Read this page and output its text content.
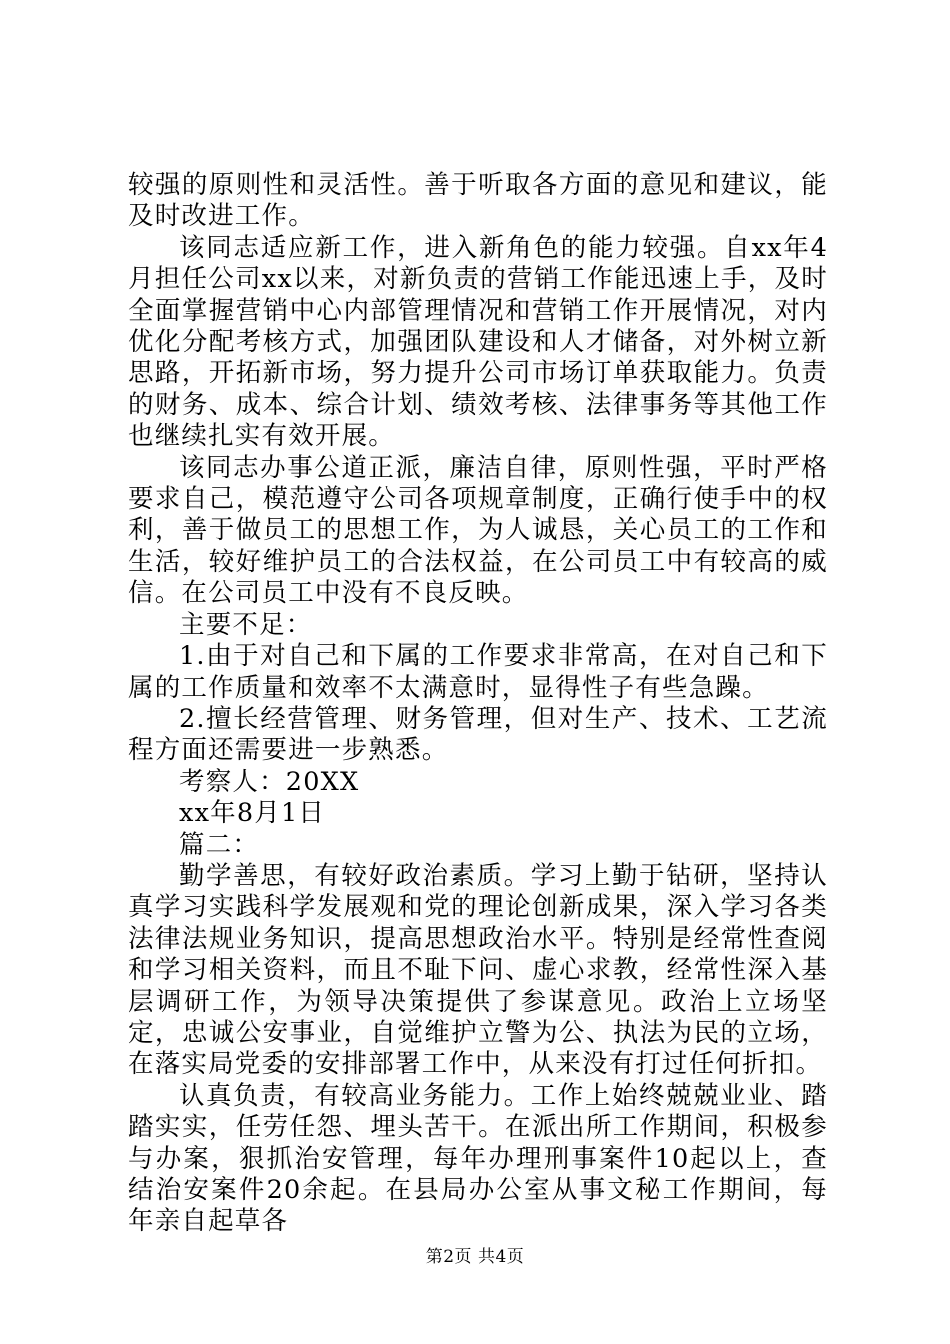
较强的原则性和灵活性。善于听取各方面的意见和建议，能及时改进工作。

该同志适应新工作，进入新角色的能力较强。自xx年4月担任公司xx以来，对新负责的营销工作能迅速上手，及时全面掌握营销中心内部管理情况和营销工作开展情况，对内优化分配考核方式，加强团队建设和人才储备，对外树立新思路，开拓新市场，努力提升公司市场订单获取能力。负责的财务、成本、综合计划、绩效考核、法律事务等其他工作也继续扎实有效开展。

该同志办事公道正派，廉洁自律，原则性强，平时严格要求自己，模范遵守公司各项规章制度，正确行使手中的权利，善于做员工的思想工作，为人诚恳，关心员工的工作和生活，较好维护员工的合法权益，在公司员工中有较高的威信。在公司员工中没有不良反映。

主要不足：

1.由于对自己和下属的工作要求非常高，在对自己和下属的工作质量和效率不太满意时，显得性子有些急躁。

2.擅长经营管理、财务管理，但对生产、技术、工艺流程方面还需要进一步熟悉。

考察人：20XX

xx年8月1日

篇二：

勤学善思，有较好政治素质。学习上勤于钻研，坚持认真学习实践科学发展观和党的理论创新成果，深入学习各类法律法规业务知识，提高思想政治水平。特别是经常性查阅和学习相关资料，而且不耻下问、虚心求教，经常性深入基层调研工作，为领导决策提供了参谋意见。政治上立场坚定，忠诚公安事业，自觉维护立警为公、执法为民的立场，在落实局党委的安排部署工作中，从来没有打过任何折扣。

认真负责，有较高业务能力。工作上始终兢兢业业、踏踏实实，任劳任怨、埋头苦干。在派出所工作期间，积极参与办案，狠抓治安管理，每年办理刑事案件10起以上，查结治安案件20余起。在县局办公室从事文秘工作期间，每年亲自起草各

第2页 共4页
